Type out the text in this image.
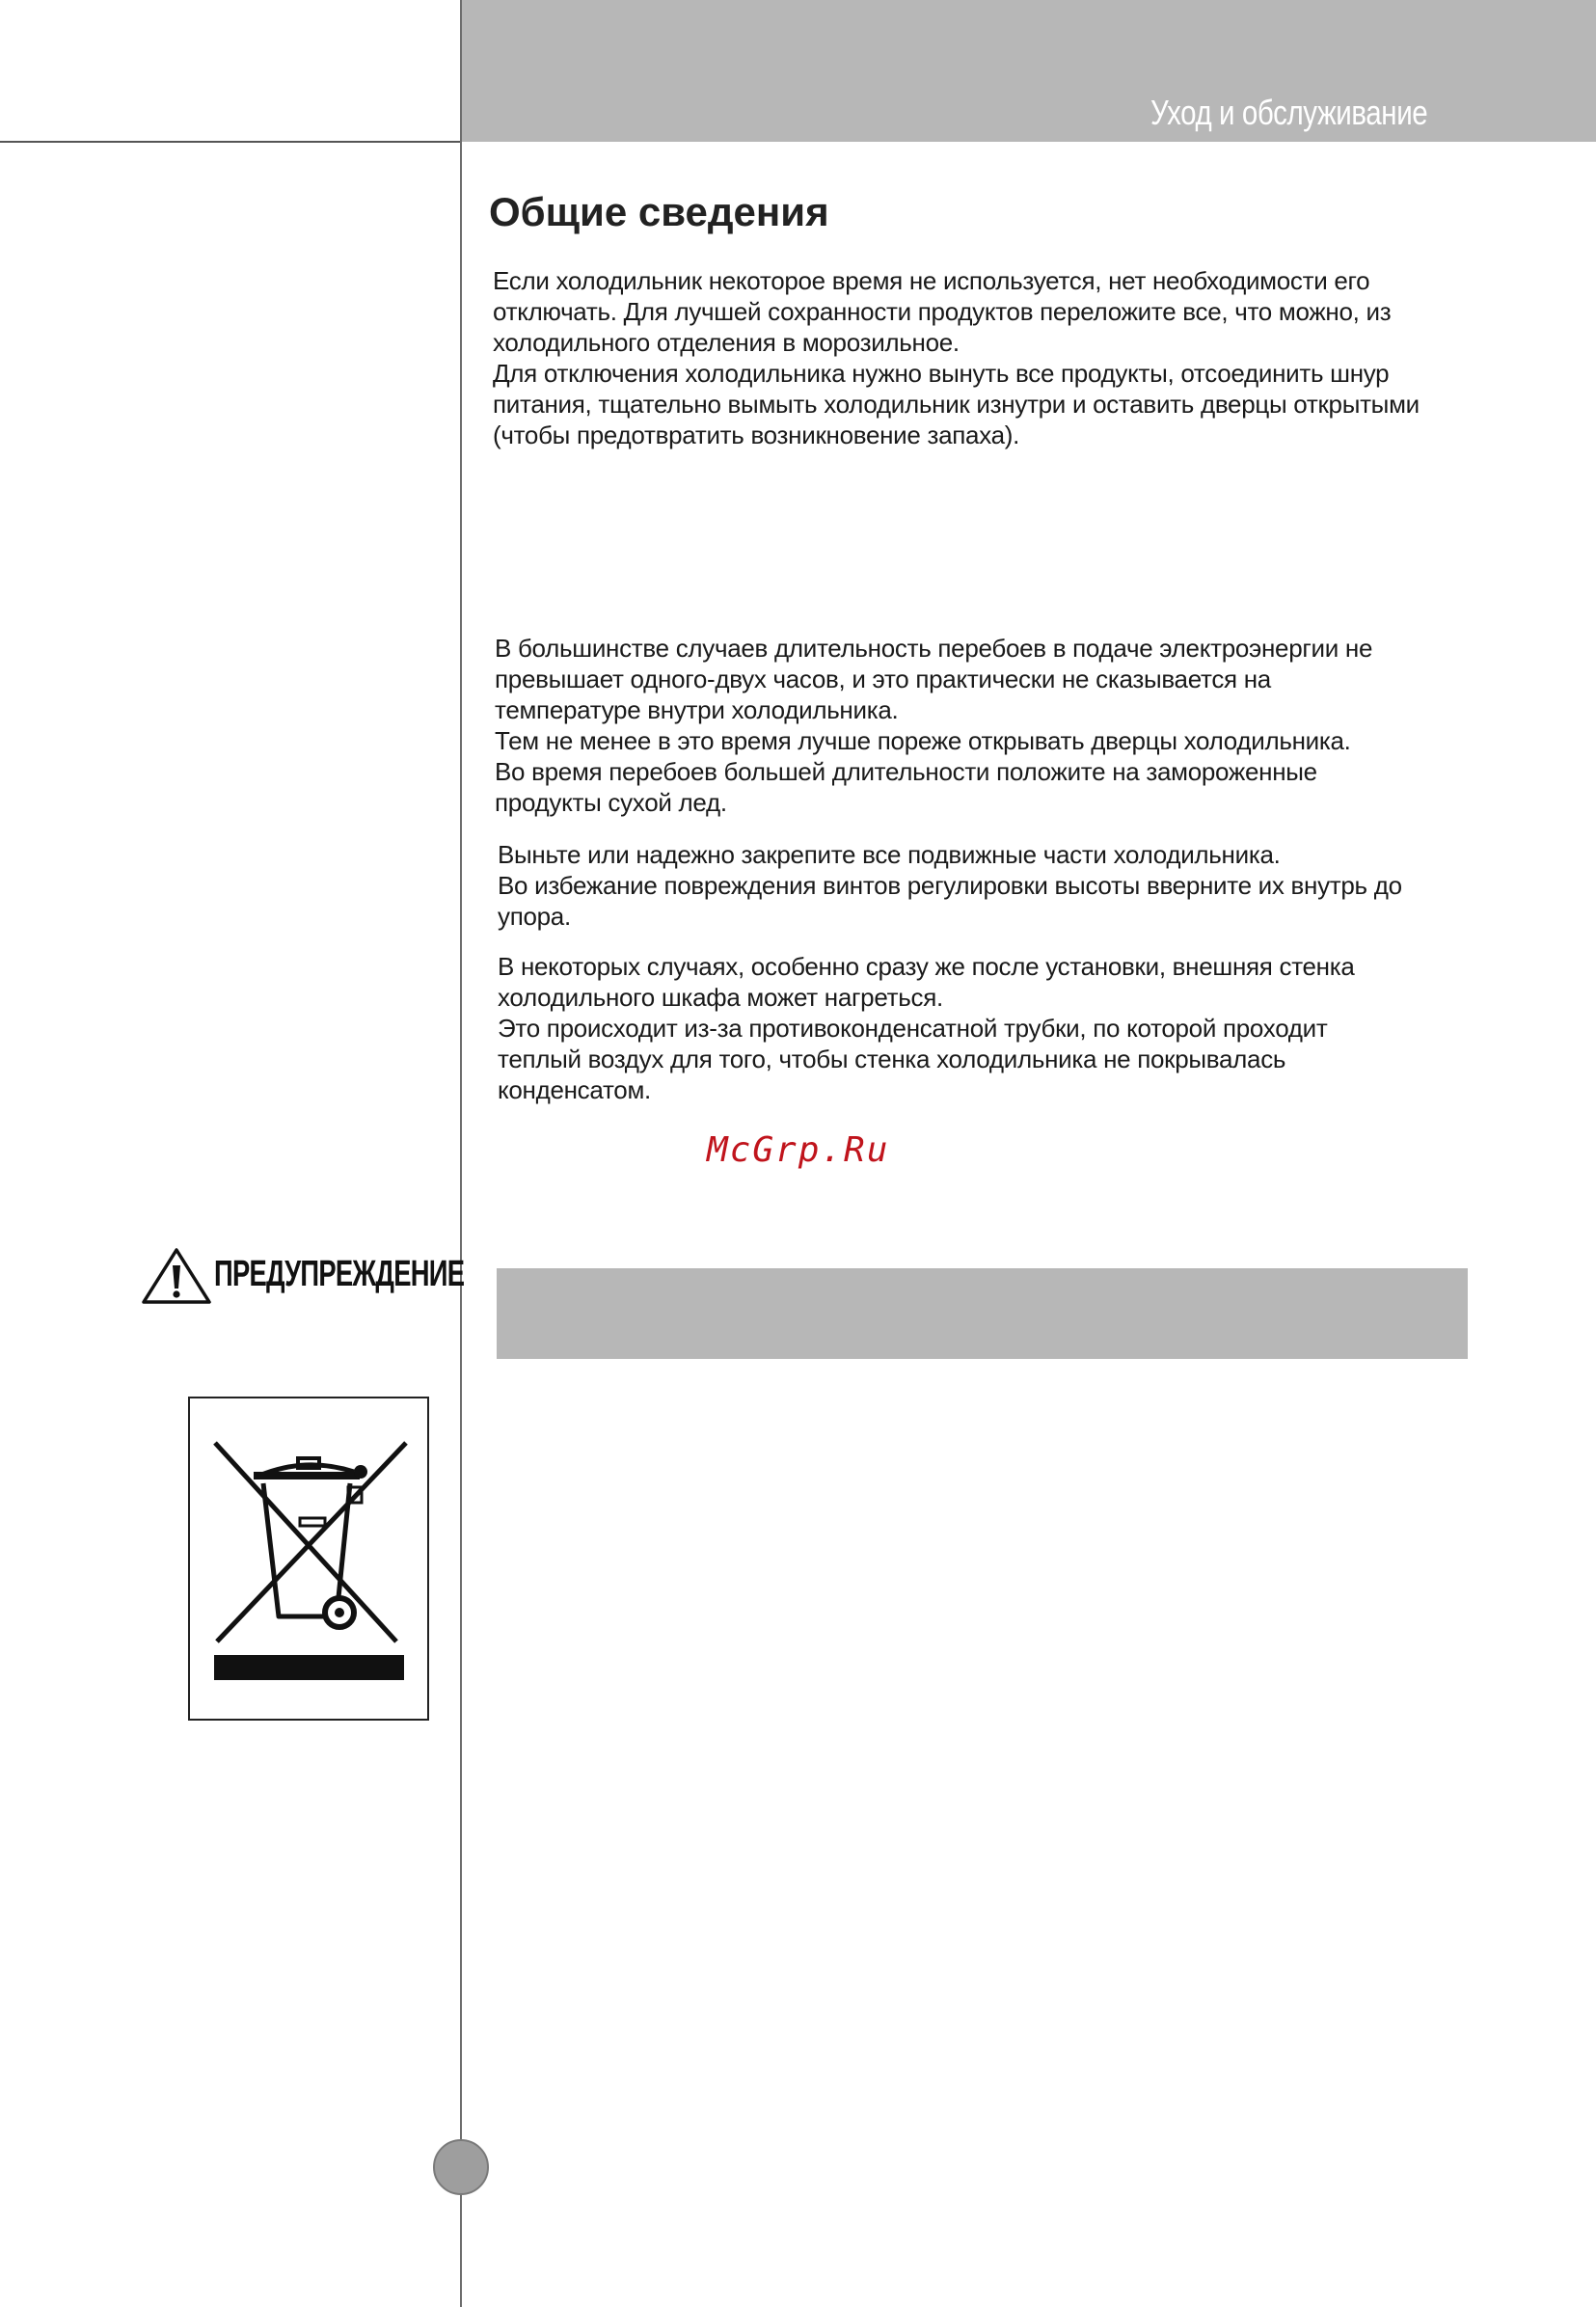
Уход и обслуживание
Общие сведения

Если холодильник некоторое время не используется, нет необходимости его
отключать. Для лучшей сохранности продуктов переложите все, что можно, из
холодильного отделения в морозильное.
Для отключения холодильника нужно вынуть все продукты, отсоединить шнур
питания, тщательно вымыть холодильник изнутри и оставить дверцы открытыми
(чтобы предотвратить возникновение запаха).

В большинстве случаев длительность перебоев в подаче электроэнергии не
превышает одного-двух часов, и это практически не сказывается на
температуре внутри холодильника.
Тем не менее в это время лучше пореже открывать дверцы холодильника.
Во время перебоев большей длительности положите на замороженные
продукты сухой лед.

Выньте или надежно закрепите все подвижные части холодильника.
Во избежание повреждения винтов регулировки высоты вверните их внутрь до
упора.

В некоторых случаях, особенно сразу же после установки, внешняя стенка
холодильного шкафа может нагреться.
Это происходит из-за противоконденсатной трубки, по которой проходит
теплый воздух для того, чтобы стенка холодильника не покрывалась
конденсатом.

McGrp.Ru
ПРЕДУПРЕЖДЕНИЕ
